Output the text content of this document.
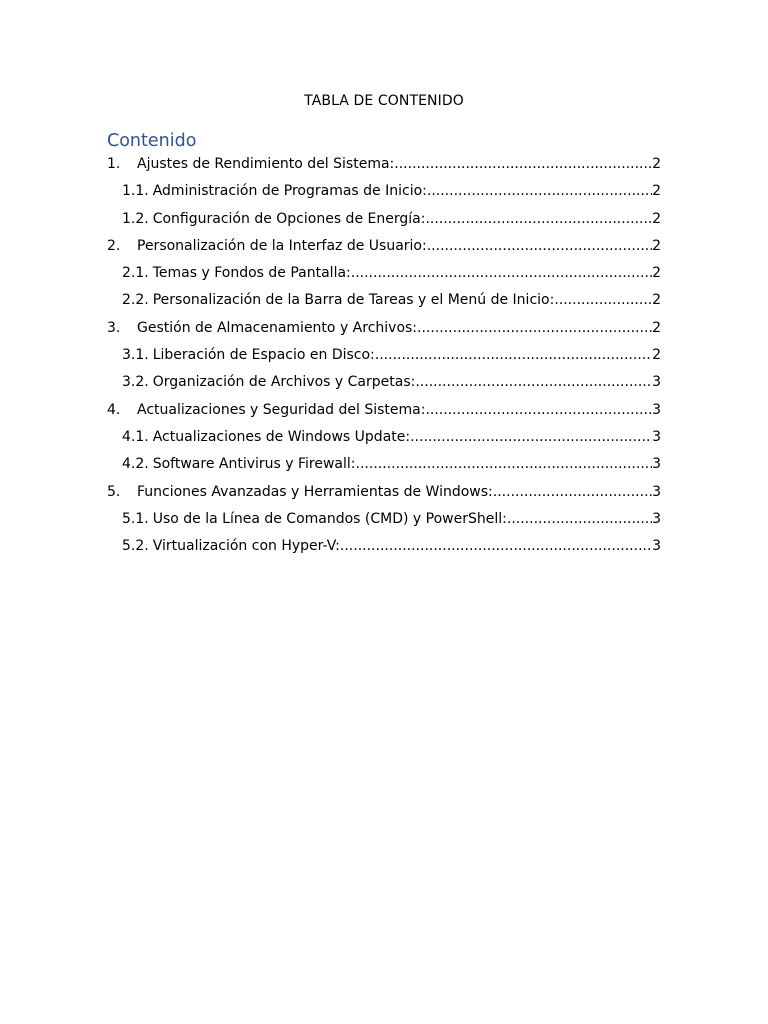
TABLA DE CONTENIDO
Contenido
1.	Ajustes de Rendimiento del Sistema: .....	2
1.1. Administración de Programas de Inicio: .....	2
1.2. Configuración de Opciones de Energía: .....	2
2.	Personalización de la Interfaz de Usuario: .....	2
2.1. Temas y Fondos de Pantalla: .....	2
2.2. Personalización de la Barra de Tareas y el Menú de Inicio: .....	2
3.	Gestión de Almacenamiento y Archivos: .....	2
3.1. Liberación de Espacio en Disco: .....	2
3.2. Organización de Archivos y Carpetas: .....	3
4.	Actualizaciones y Seguridad del Sistema: .....	3
4.1. Actualizaciones de Windows Update: .....	3
4.2. Software Antivirus y Firewall: .....	3
5.	Funciones Avanzadas y Herramientas de Windows: .....	3
5.1. Uso de la Línea de Comandos (CMD) y PowerShell: .....	3
5.2. Virtualización con Hyper-V: .....	3
